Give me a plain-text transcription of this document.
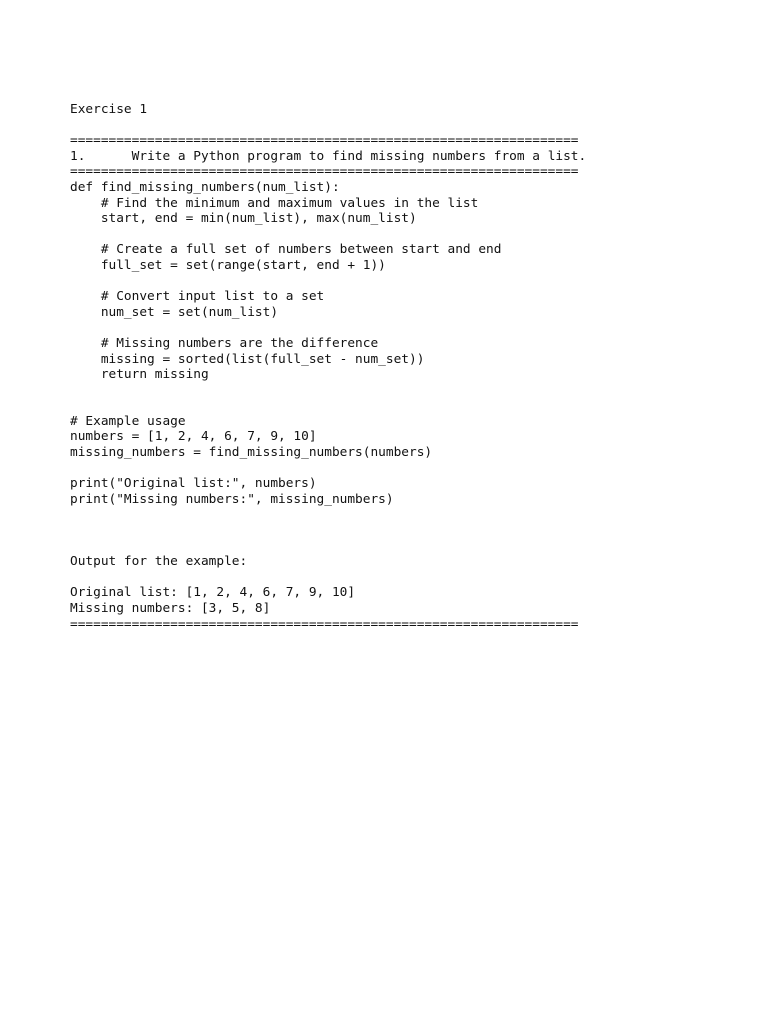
Exercise 1
==================================================================
1.	Write a Python program to find missing numbers from a list.
==================================================================
def find_missing_numbers(num_list):
# Find the minimum and maximum values in the list
start, end = min(num_list), max(num_list)
# Create a full set of numbers between start and end
full_set = set(range(start, end + 1))
# Convert input list to a set
num_set = set(num_list)
# Missing numbers are the difference
missing = sorted(list(full_set - num_set))
return missing
# Example usage
numbers = [1, 2, 4, 6, 7, 9, 10]
missing_numbers = find_missing_numbers(numbers)
print("Original list:", numbers)
print("Missing numbers:", missing_numbers)
Output for the example:
Original list: [1, 2, 4, 6, 7, 9, 10]
Missing numbers: [3, 5, 8]
==================================================================
